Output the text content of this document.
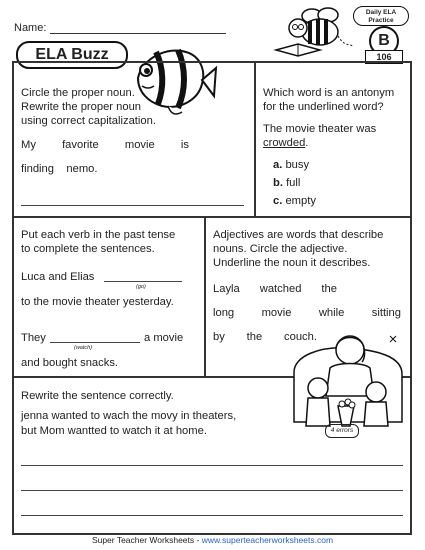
Name:
ELA Buzz
Daily ELA Practice
B
106
Circle the proper noun.
Rewrite the proper noun
using correct capitalization.
My favorite movie is
finding nemo.
Which word is an antonym
for the underlined word?
The movie theater was
crowded.
a. busy
b. full
c. empty
Put each verb in the past tense
to complete the sentences.
Luca and Elias
(go)
to the movie theater yesterday.
They
(watch)
a movie
and bought snacks.
Adjectives are words that describe
nouns. Circle the adjective.
Underline the noun it describes.
Layla watched the
long movie while sitting
by the couch.
Rewrite the sentence correctly.
jenna wanted to wach the movy in theaters,
but Mom wantted to watch it at home.	4 errors
Super Teacher Worksheets - www.superteacherworksheets.com
